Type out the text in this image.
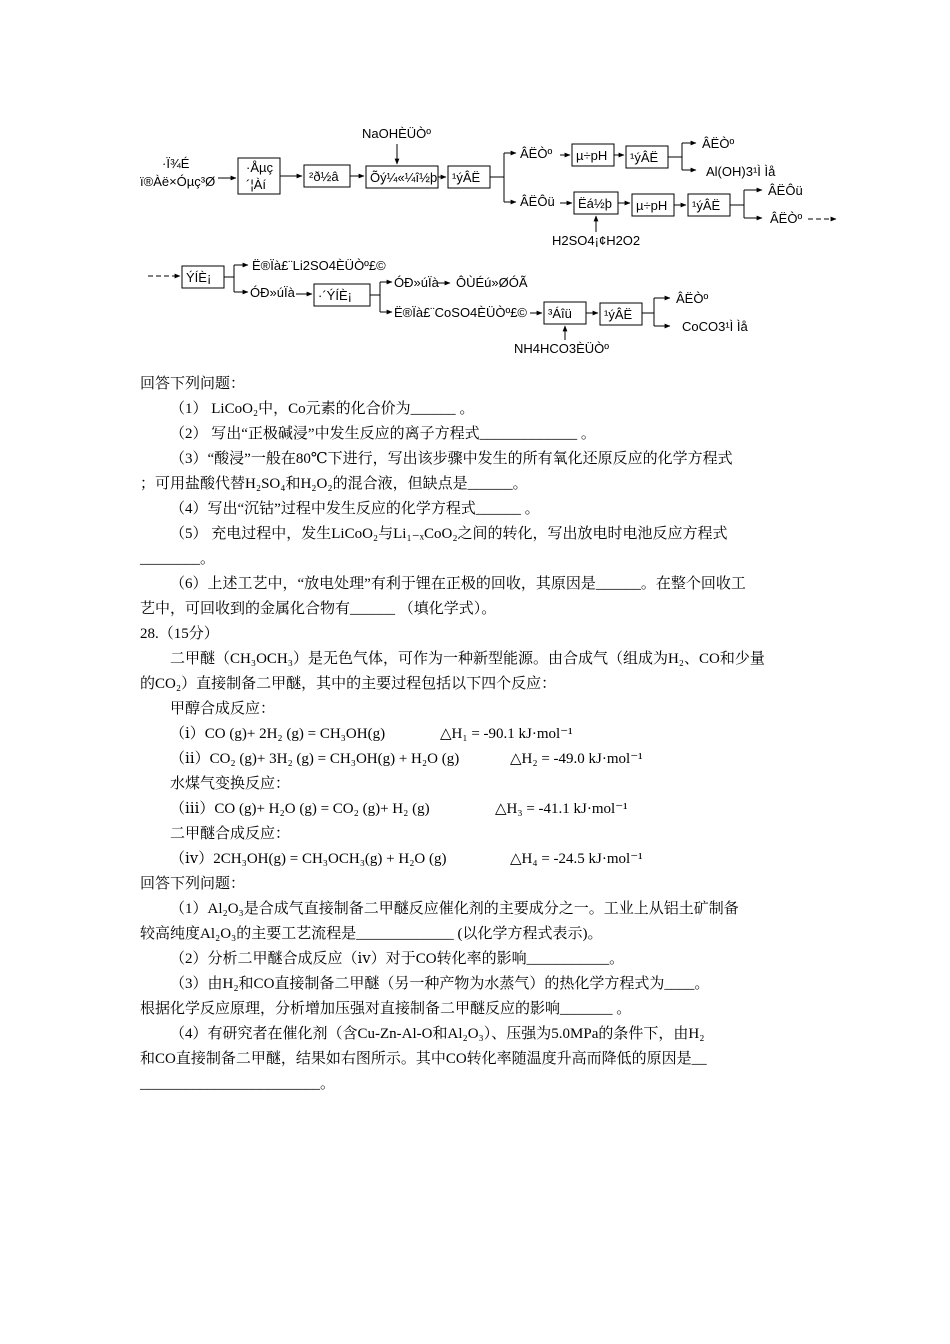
·Ï¾É
ï®Àë×Óµç³Ø
·Åµç
´¦Àí
²ð½â
NaOHÈÜÒº
Õý¼«¼î½þ ¹ýÂË
ÂËÒº µ÷pH ¹ýÂË
ÂËÒº
Al(OH)3¹Ì Ìå
ÂËÔü Ëá½þ
H2SO4¡¢H2O2
µ÷pH ¹ýÂË
ÂËÔü
ÂËÒº
ÝÍÈ¡
Ë®Ïà£¨Li2SO4ÈÜÒº£©
ÓÐ»úÏà ·´ÝÍÈ¡
ÓÐ»úÏà ÔÙÉú»ØÓÃ
Ë®Ïà£¨CoSO4ÈÜÒº£© ³Áîü
NH4HCO3ÈÜÒº
¹ýÂË
ÂËÒº
CoCO3¹Ì Ìå

回答下列问题：

（1） LiCoO₂中，Co元素的化合价为______ 。

（2） 写出“正极碱浸”中发生反应的离子方程式_____________ 。

（3）“酸浸”一般在80℃下进行，写出该步骤中发生的所有氧化还原反应的化学方程式

；可用盐酸代替H₂SO₄和H₂O₂的混合液，但缺点是______。

（4）写出“沉钴”过程中发生反应的化学方程式______ 。

（5） 充电过程中，发生LiCoO₂与Li₁₋ₓCoO₂之间的转化，写出放电时电池反应方程式

________。

（6）上述工艺中，“放电处理”有利于锂在正极的回收，其原因是______。在整个回收工

艺中，可回收到的金属化合物有______ （填化学式）。

28.（15分）

二甲醚（CH₃OCH₃）是无色气体，可作为一种新型能源。由合成气（组成为H₂、CO和少量

的CO₂）直接制备二甲醚，其中的主要过程包括以下四个反应：

甲醇合成反应：

（ⅰ）CO (g)+ 2H₂ (g) = CH₃OH(g)	△H₁ = -90.1 kJ·mol⁻¹

（ⅱ）CO₂ (g)+ 3H₂ (g) = CH₃OH(g) + H₂O (g)	△H₂ = -49.0 kJ·mol⁻¹

水煤气变换反应：

（ⅲ）CO (g)+ H₂O (g) = CO₂ (g)+ H₂ (g)	△H₃ = -41.1 kJ·mol⁻¹

二甲醚合成反应：

（ⅳ）2CH₃OH(g) = CH₃OCH₃(g) + H₂O (g)	△H₄ = -24.5 kJ·mol⁻¹

回答下列问题：

（1）Al₂O₃是合成气直接制备二甲醚反应催化剂的主要成分之一。工业上从铝土矿制备

较高纯度Al₂O₃的主要工艺流程是_____________ (以化学方程式表示)。

（2）分析二甲醚合成反应（ⅳ）对于CO转化率的影响___________。

（3）由H₂和CO直接制备二甲醚（另一种产物为水蒸气）的热化学方程式为____。

根据化学反应原理，分析增加压强对直接制备二甲醚反应的影响_______ 。

（4）有研究者在催化剂（含Cu-Zn-Al-O和Al₂O₃）、压强为5.0MPa的条件下，由H₂

和CO直接制备二甲醚，结果如右图所示。其中CO转化率随温度升高而降低的原因是__

________________________。
